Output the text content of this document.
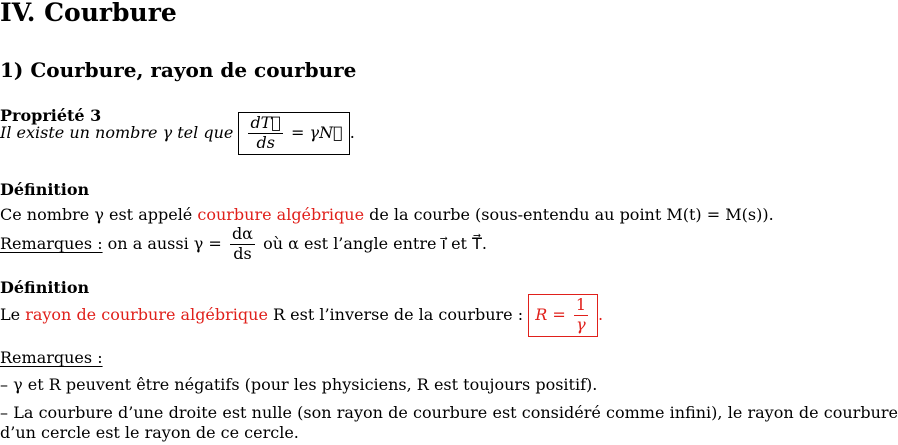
IV. Courbure
1) Courbure, rayon de courbure
Propriété 3
Il existe un nombre γ tel que $\frac{dT⃗}{ds}$ = γN⃗ .
Définition
Ce nombre γ est appelé courbure algébrique de la courbe (sous-entendu au point M(t) = M(s)).
Remarques : on a aussi $\gamma = \frac{d\alpha}{ds}$ où α est l’angle entre ı⃗ et T⃗.
Définition
Le rayon de courbure algébrique R est l’inverse de la courbure : $R = \frac{1}{\gamma}$ .
Remarques :
– γ et R peuvent être négatifs (pour les physiciens, R est toujours positif).
– La courbure d’une droite est nulle (son rayon de courbure est considéré comme infini), le rayon de courbure d’un cercle est le rayon de ce cercle.
